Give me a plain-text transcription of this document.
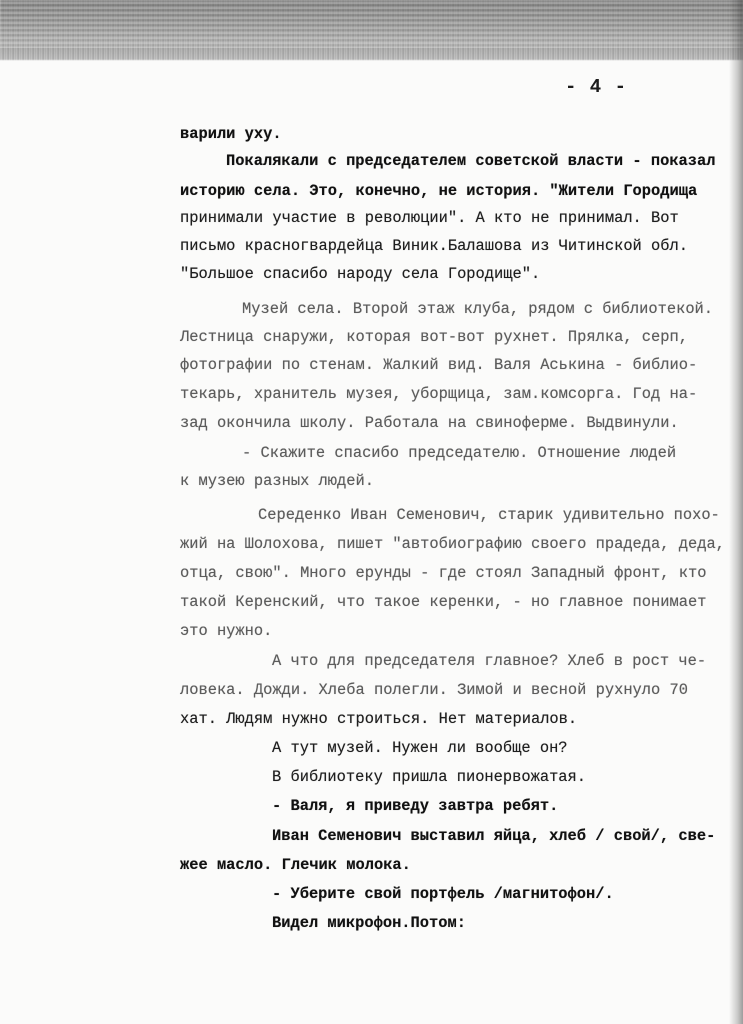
- 4 -
варили уху.
Покалякали с председателем советской власти - показал
историю села. Это, конечно, не история. "Жители Городища
принимали участие в революции". А кто не принимал. Вот
письмо красногвардейца Виник.Балашова из Читинской обл.
"Большое спасибо народу села Городище".
Музей села. Второй этаж клуба, рядом с библиотекой.
Лестница снаружи, которая вот-вот рухнет. Прялка, серп,
фотографии по стенам. Жалкий вид. Валя Аськина - библио-
текарь, хранитель музея, уборщица, зам.комсорга. Год на-
зад окончила школу. Работала на свиноферме. Выдвинули.
- Скажите спасибо председателю. Отношение людей
к музею разных людей.
Середенко Иван Семенович, старик удивительно похо-
жий на Шолохова, пишет "автобиографию своего прадеда, деда,
отца, свою". Много ерунды - где стоял Западный фронт, кто
такой Керенский, что такое керенки, - но главное понимает
это нужно.
А что для председателя главное? Хлеб в рост че-
ловека. Дожди. Хлеба полегли. Зимой и весной рухнуло 70
хат. Людям нужно строиться. Нет материалов.
А тут музей. Нужен ли вообще он?
В библиотеку пришла пионервожатая.
- Валя, я приведу завтра ребят.
Иван Семенович выставил яйца, хлеб / свой/, све-
жее масло. Глечик молока.
- Уберите свой портфель /магнитофон/.
Видел микрофон.Потом:
